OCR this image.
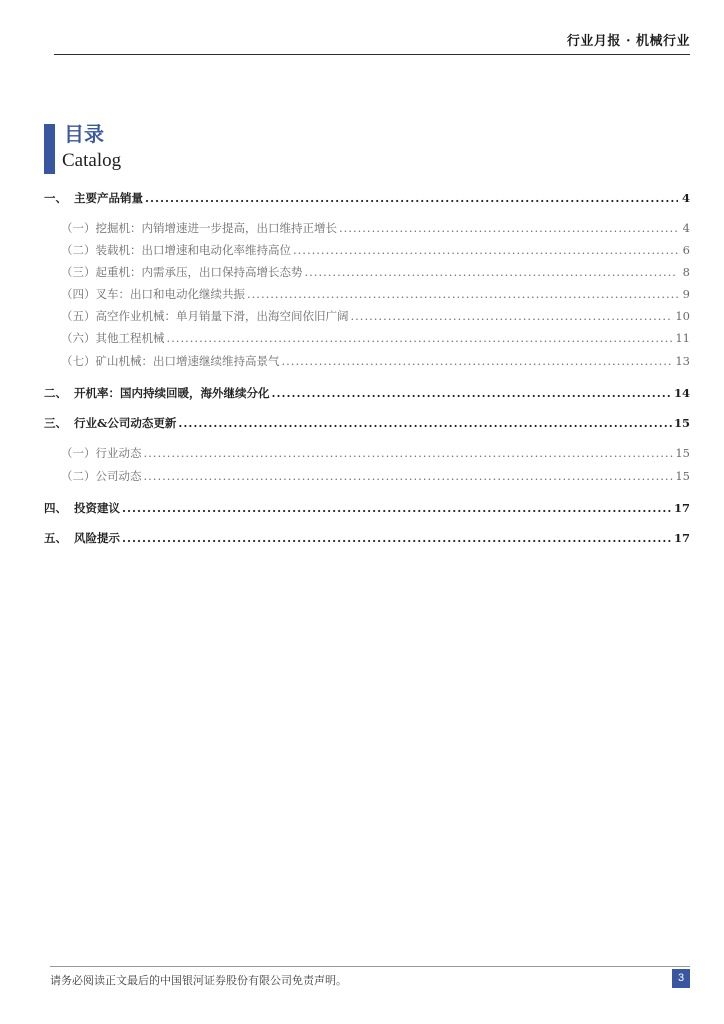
行业月报 · 机械行业
目录
Catalog
一、 主要产品销量 .....	4
（一） 挖掘机：内销增速进一步提高，出口维持正增长 .....	4
（二） 装载机：出口增速和电动化率维持高位 .....	6
（三） 起重机：内需承压，出口保持高增长态势 .....	8
（四） 叉车：出口和电动化继续共振 .....	9
（五） 高空作业机械：单月销量下滑，出海空间依旧广阔 .....	10
（六） 其他工程机械 .....	11
（七） 矿山机械：出口增速继续维持高景气 .....	13
二、 开机率：国内持续回暖，海外继续分化 .....	14
三、 行业&公司动态更新 .....	15
（一） 行业动态 .....	15
（二） 公司动态 .....	15
四、 投资建议 .....	17
五、 风险提示 .....	17
请务必阅读正文最后的中国银河证券股份有限公司免责声明。	3
